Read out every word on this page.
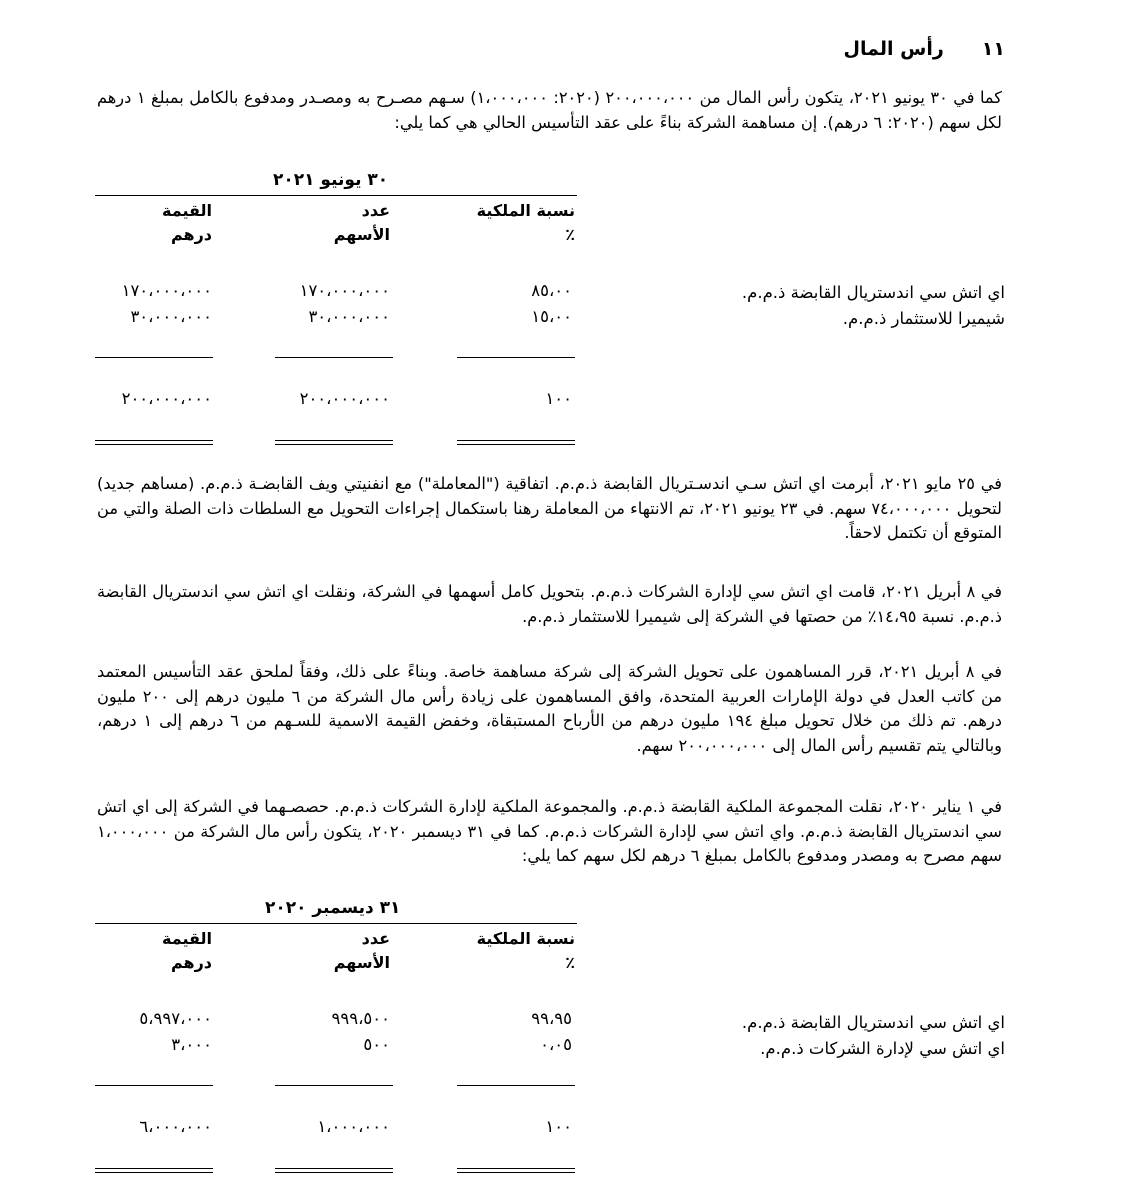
١١رأس المال
كما في ٣٠ يونيو ٢٠٢١، يتكون رأس المال من ٢٠٠،٠٠٠،٠٠٠ (٢٠٢٠: ١،٠٠٠،٠٠٠) سـهم مصـرح به ومصـدر ومدفوع بالكامل بمبلغ ١ درهم لكل سهم (٢٠٢٠: ٦ درهم). إن مساهمة الشركة بناءً على عقد التأسيس الحالي هي كما يلي:
٣٠ يونيو ٢٠٢١
نسبة الملكية
٪
عدد
الأسهم
القيمة
درهم
اي اتش سي اندستريال القابضة ذ.م.م.
٨٥،٠٠
١٧٠،٠٠٠،٠٠٠
١٧٠،٠٠٠،٠٠٠
شيميرا للاستثمار ذ.م.م.
١٥،٠٠
٣٠،٠٠٠،٠٠٠
٣٠،٠٠٠،٠٠٠
١٠٠
٢٠٠،٠٠٠،٠٠٠
٢٠٠،٠٠٠،٠٠٠
في ٢٥ مايو ٢٠٢١، أبرمت اي اتش سـي اندسـتريال القابضة ذ.م.م. اتفاقية ("المعاملة") مع انفنيتي ويف القابضـة ذ.م.م. (مساهم جديد) لتحويل ٧٤،٠٠٠،٠٠٠ سهم. في ٢٣ يونيو ٢٠٢١، تم الانتهاء من المعاملة رهنا باستكمال إجراءات التحويل مع السلطات ذات الصلة والتي من المتوقع أن تكتمل لاحقاً.
في ٨ أبريل ٢٠٢١، قامت اي اتش سي لإدارة الشركات ذ.م.م. بتحويل كامل أسهمها في الشركة، ونقلت اي اتش سي اندستريال القابضة ذ.م.م. نسبة ١٤،٩٥٪ من حصتها في الشركة إلى شيميرا للاستثمار ذ.م.م.
في ٨ أبريل ٢٠٢١، قرر المساهمون على تحويل الشركة إلى شركة مساهمة خاصة. وبناءً على ذلك، وفقاً لملحق عقد التأسيس المعتمد من كاتب العدل في دولة الإمارات العربية المتحدة، وافق المساهمون على زيادة رأس مال الشركة من ٦ مليون درهم إلى ٢٠٠ مليون درهم. تم ذلك من خلال تحويل مبلغ ١٩٤ مليون درهم من الأرباح المستبقاة، وخفض القيمة الاسمية للسـهم من ٦ درهم إلى ١ درهم، وبالتالي يتم تقسيم رأس المال إلى ٢٠٠،٠٠٠،٠٠٠ سهم.
في ١ يناير ٢٠٢٠، نقلت المجموعة الملكية القابضة ذ.م.م. والمجموعة الملكية لإدارة الشركات ذ.م.م. حصصـهما في الشركة إلى اي اتش سي اندستريال القابضة ذ.م.م. واي اتش سي لإدارة الشركات ذ.م.م. كما في ٣١ ديسمبر ٢٠٢٠، يتكون رأس مال الشركة من ١،٠٠٠،٠٠٠ سهم مصرح به ومصدر ومدفوع بالكامل بمبلغ ٦ درهم لكل سهم كما يلي:
٣١ ديسمبر ٢٠٢٠
نسبة الملكية
٪
عدد
الأسهم
القيمة
درهم
اي اتش سي اندستريال القابضة ذ.م.م.
٩٩،٩٥
٩٩٩،٥٠٠
٥،٩٩٧،٠٠٠
اي اتش سي لإدارة الشركات ذ.م.م.
٠،٠٥
٥٠٠
٣،٠٠٠
١٠٠
١،٠٠٠،٠٠٠
٦،٠٠٠،٠٠٠
